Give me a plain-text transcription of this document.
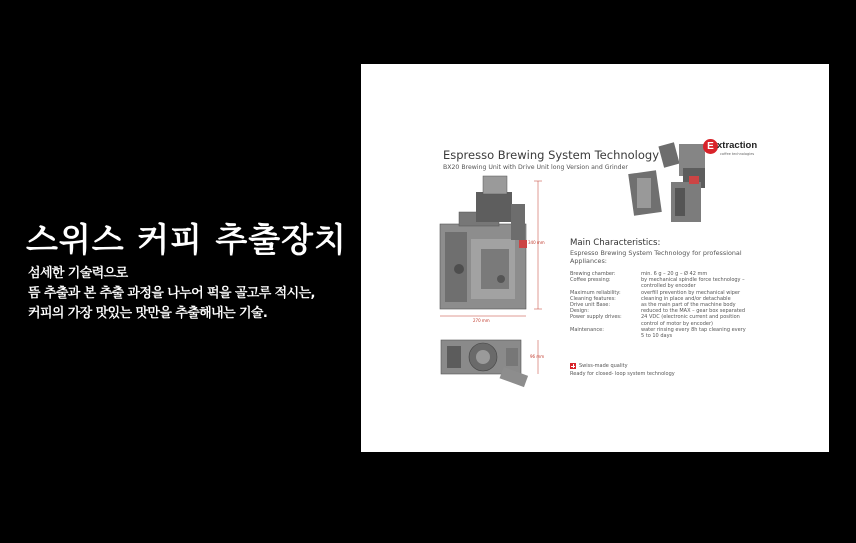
스위스 커피 추출장치
섬세한 기술력으로
뜸 추출과 본 추출 과정을 나누어 퍽을 골고루 적시는,
커피의 가장 맛있는 맛만을 추출해내는 기술.
340 mm
270 mm
96 mm
Espresso Brewing System Technology
BX20 Brewing Unit with Drive Unit long Version and Grinder
E xtraction
coffee technologies
Main Characteristics:
Espresso Brewing System Technology for professional Appliances:
Brewing chamber:	min. 6 g – 20 g – Ø 42 mm
Coffee pressing:	by mechanical spindle force technology – controlled by encoder
Maximum reliability:	overfill prevention by mechanical wiper
Cleaning features:	cleaning in place and/or detachable
Drive unit Base:	as the main part of the machine body
Design:	reduced to the MAX – gear box separated
Power supply drives:	24 VDC (electronic current and position control of motor by encoder)
Maintenance:	water rinsing every 8h tap cleaning every 5 to 10 days
Swiss-made quality
Ready for closed- loop system technology
